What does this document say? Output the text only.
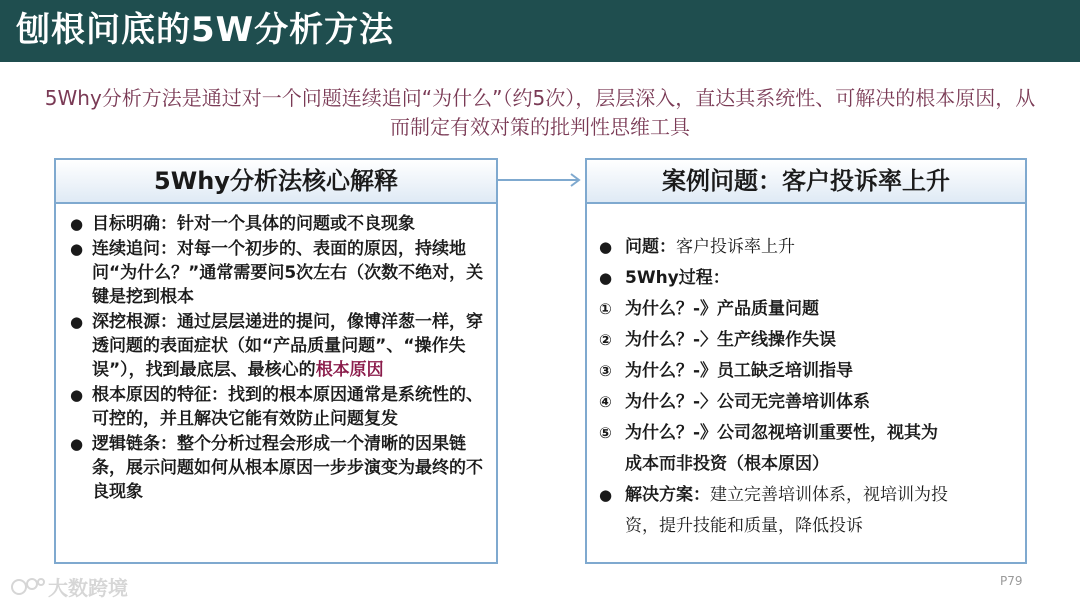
刨根问底的5W分析方法
5Why分析方法是通过对一个问题连续追问“为什么”（约5次），层层深入，直达其系统性、可解决的根本原因，从而制定有效对策的批判性思维工具
5Why分析法核心解释
● 目标明确：针对一个具体的问题或不良现象
● 连续追问：对每一个初步的、表面的原因，持续地问“为什么？”通常需要问5次左右（次数不绝对，关键是挖到根本
● 深挖根源：通过层层递进的提问，像博洋葱一样，穿透问题的表面症状（如“产品质量问题”、“操作失误”），找到最底层、最核心的根本原因
● 根本原因的特征：找到的根本原因通常是系统性的、可控的，并且解决它能有效防止问题复发
● 逻辑链条：整个分析过程会形成一个清晰的因果链条，展示问题如何从根本原因一步步演变为最终的不良现象
案例问题：客户投诉率上升
● 问题：客户投诉率上升
● 5Why过程：
① 为什么？-》产品质量问题
② 为什么？-〉生产线操作失误
③ 为什么？-》员工缺乏培训指导
④ 为什么？-〉公司无完善培训体系
⑤ 为什么？-》公司忽视培训重要性，视其为
成本而非投资（根本原因）
● 解决方案：建立完善培训体系，视培训为投
资，提升技能和质量，降低投诉
大数跨境	P79
